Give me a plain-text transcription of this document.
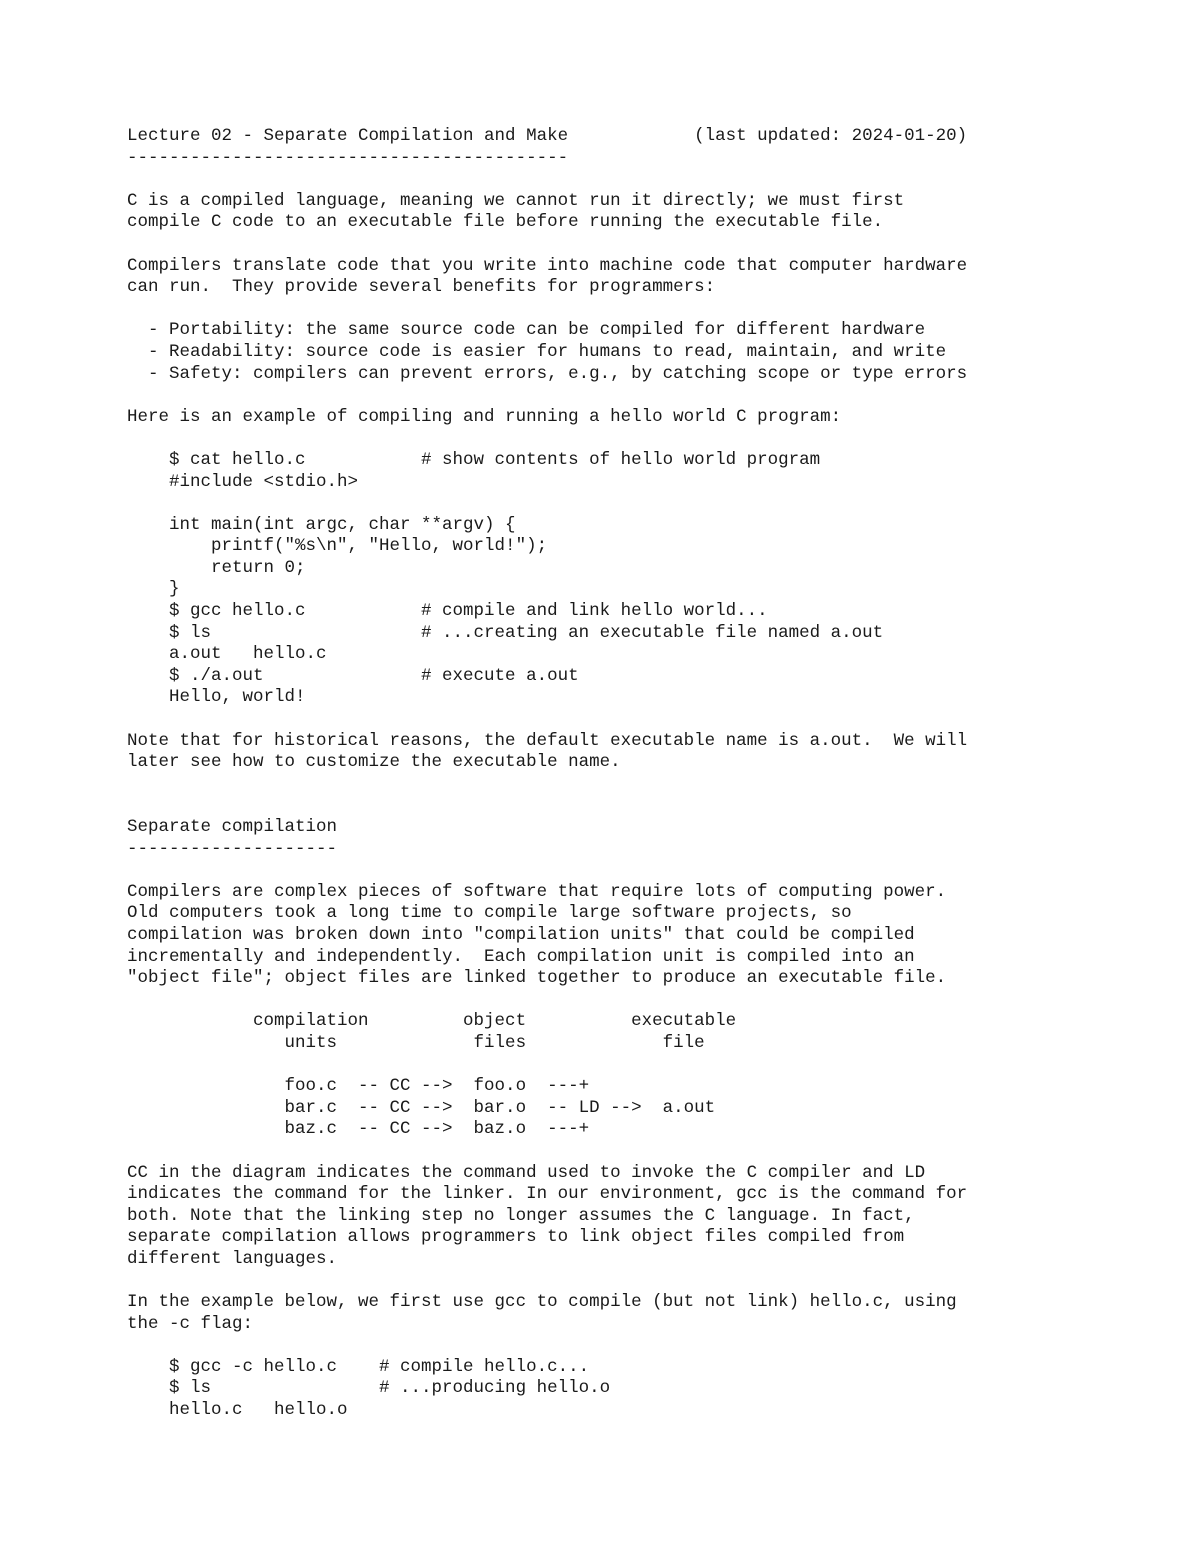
Lecture 02 - Separate Compilation and Make	(last updated: 2024-01-20)
------------------------------------------
C is a compiled language, meaning we cannot run it directly; we must first
compile C code to an executable file before running the executable file.
Compilers translate code that you write into machine code that computer hardware
can run.  They provide several benefits for programmers:
- Portability: the same source code can be compiled for different hardware
- Readability: source code is easier for humans to read, maintain, and write
- Safety: compilers can prevent errors, e.g., by catching scope or type errors
Here is an example of compiling and running a hello world C program:
$ cat hello.c           # show contents of hello world program
#include <stdio.h>
int main(int argc, char **argv) {
printf("%s\n", "Hello, world!");
return 0;
}
$ gcc hello.c           # compile and link hello world...
$ ls                    # ...creating an executable file named a.out
a.out   hello.c
$ ./a.out               # execute a.out
Hello, world!
Note that for historical reasons, the default executable name is a.out.  We will
later see how to customize the executable name.
Separate compilation
--------------------
Compilers are complex pieces of software that require lots of computing power.
Old computers took a long time to compile large software projects, so
compilation was broken down into "compilation units" that could be compiled
incrementally and independently.  Each compilation unit is compiled into an
"object file"; object files are linked together to produce an executable file.
compilation         object          executable
units             files             file
foo.c  -- CC -->  foo.o  ---+
bar.c  -- CC -->  bar.o  -- LD -->  a.out
baz.c  -- CC -->  baz.o  ---+
CC in the diagram indicates the command used to invoke the C compiler and LD
indicates the command for the linker. In our environment, gcc is the command for
both. Note that the linking step no longer assumes the C language. In fact,
separate compilation allows programmers to link object files compiled from
different languages.
In the example below, we first use gcc to compile (but not link) hello.c, using
the -c flag:
$ gcc -c hello.c    # compile hello.c...
$ ls                # ...producing hello.o
hello.c   hello.o
